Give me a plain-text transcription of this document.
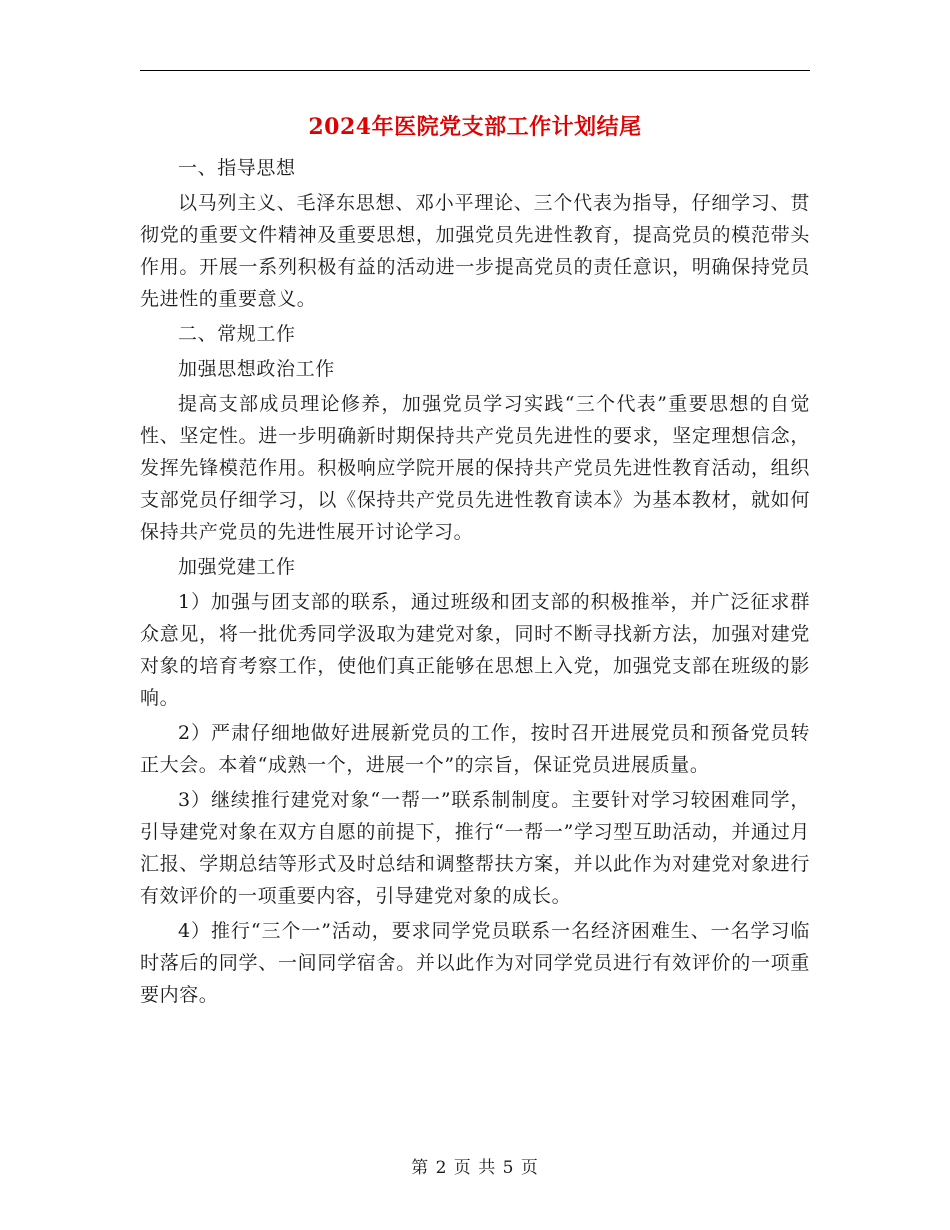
2024年医院党支部工作计划结尾

一、指导思想

以马列主义、毛泽东思想、邓小平理论、三个代表为指导，仔细学习、贯彻党的重要文件精神及重要思想，加强党员先进性教育，提高党员的模范带头作用。开展一系列积极有益的活动进一步提高党员的责任意识，明确保持党员先进性的重要意义。

二、常规工作

加强思想政治工作

提高支部成员理论修养，加强党员学习实践“三个代表”重要思想的自觉性、坚定性。进一步明确新时期保持共产党员先进性的要求，坚定理想信念，发挥先锋模范作用。积极响应学院开展的保持共产党员先进性教育活动，组织支部党员仔细学习，以《保持共产党员先进性教育读本》为基本教材，就如何保持共产党员的先进性展开讨论学习。

加强党建工作

1）加强与团支部的联系，通过班级和团支部的积极推举，并广泛征求群众意见，将一批优秀同学汲取为建党对象，同时不断寻找新方法，加强对建党对象的培育考察工作，使他们真正能够在思想上入党，加强党支部在班级的影响。

2）严肃仔细地做好进展新党员的工作，按时召开进展党员和预备党员转正大会。本着“成熟一个，进展一个”的宗旨，保证党员进展质量。

3）继续推行建党对象“一帮一”联系制制度。主要针对学习较困难同学，引导建党对象在双方自愿的前提下，推行“一帮一”学习型互助活动，并通过月汇报、学期总结等形式及时总结和调整帮扶方案，并以此作为对建党对象进行有效评价的一项重要内容，引导建党对象的成长。

4）推行“三个一”活动，要求同学党员联系一名经济困难生、一名学习临时落后的同学、一间同学宿舍。并以此作为对同学党员进行有效评价的一项重要内容。

第 2 页 共 5 页
